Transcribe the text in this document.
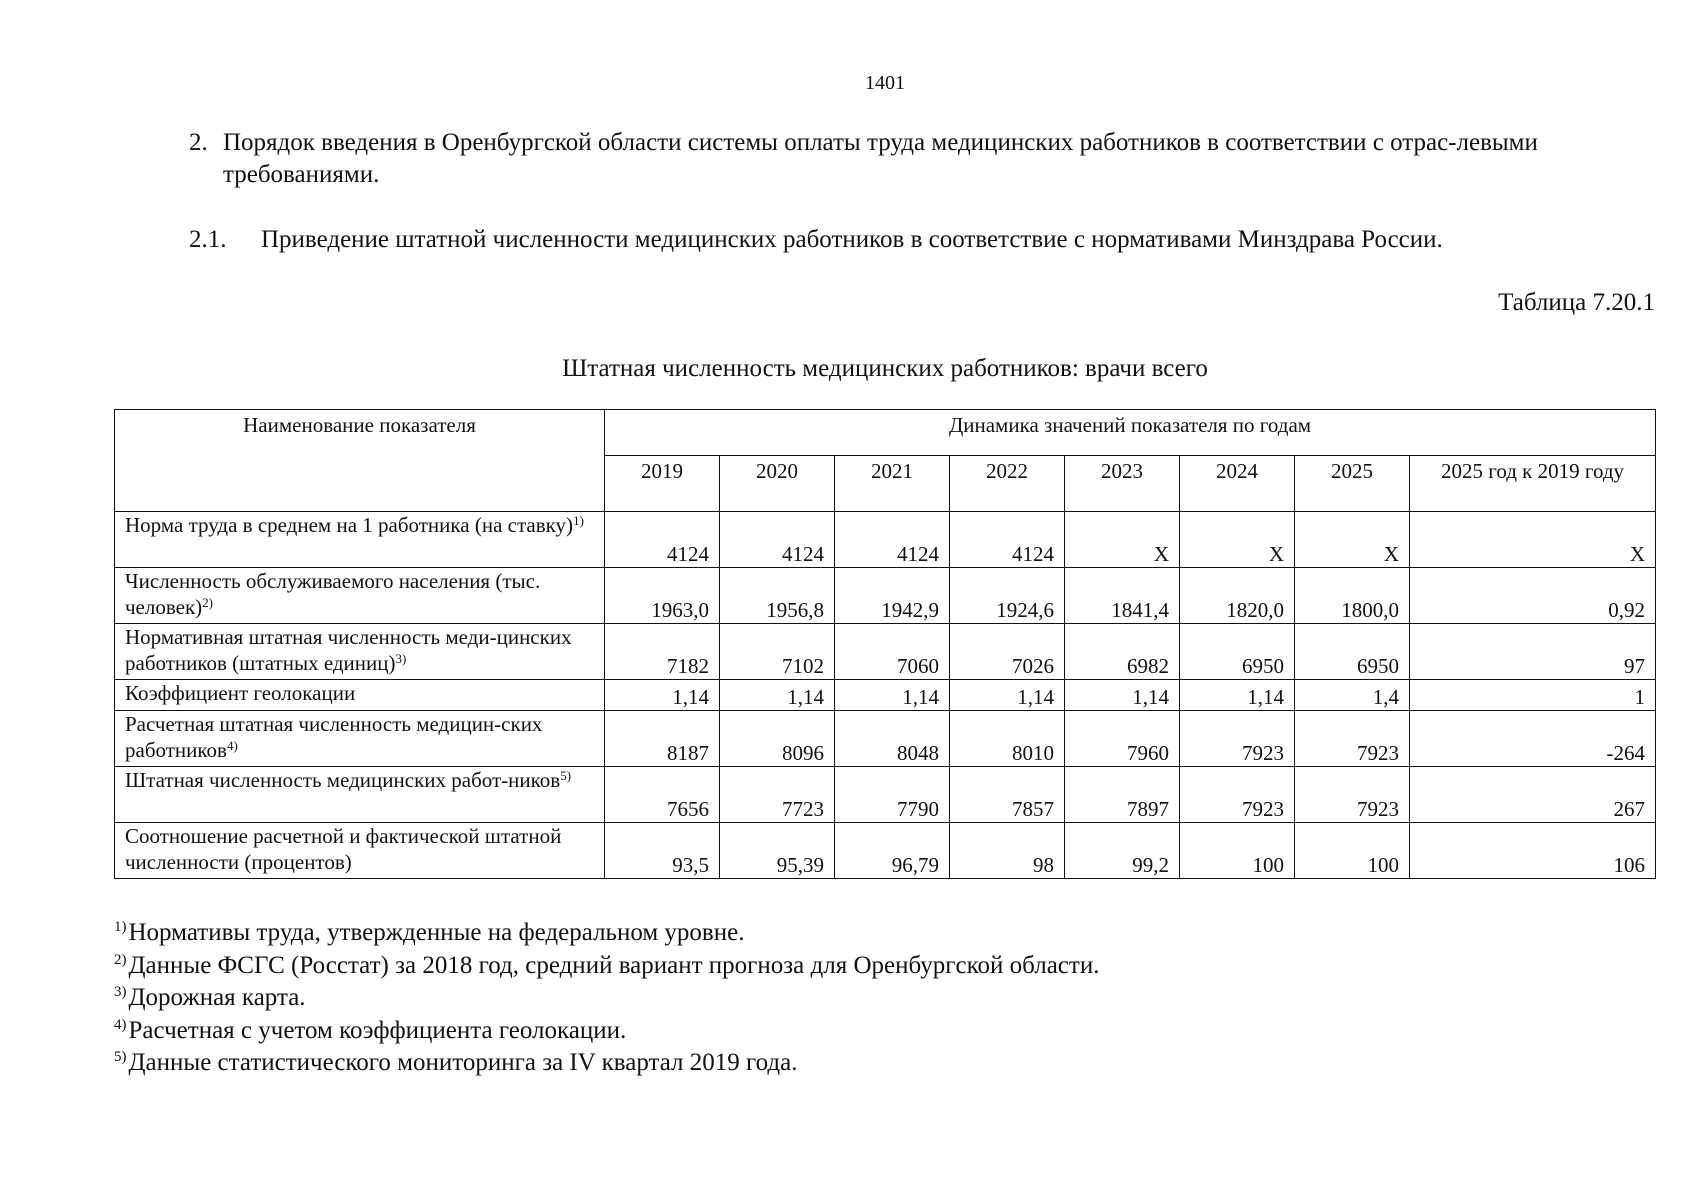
1401
2. Порядок введения в Оренбургской области системы оплаты труда медицинских работников в соответствии с отрас-левыми требованиями.
2.1. Приведение штатной численности медицинских работников в соответствие с нормативами Минздрава России.
Таблица 7.20.1
Штатная численность медицинских работников: врачи всего
Наименование показателя	Динамика значений показателя по годам							
	2019	2020	2021	2022	2023	2024	2025	2025 год к 2019 году
Норма труда в среднем на 1 работника (на ставку)$^{1)}$	4124	4124	4124	4124	X	X	X	X
Численность обслуживаемого населения (тыс. человек)$^{2)}$	1963,0	1956,8	1942,9	1924,6	1841,4	1820,0	1800,0	0,92
Нормативная штатная численность меди-цинских работников (штатных единиц)$^{3)}$	7182	7102	7060	7026	6982	6950	6950	97
Коэффициент геолокации	1,14	1,14	1,14	1,14	1,14	1,14	1,4	1
Расчетная штатная численность медицин-ских работников$^{4)}$	8187	8096	8048	8010	7960	7923	7923	-264
Штатная численность медицинских работ-ников$^{5)}$	7656	7723	7790	7857	7897	7923	7923	267
Соотношение расчетной и фактической штатной численности (процентов)	93,5	95,39	96,79	98	99,2	100	100	106
$^{1)}$Нормативы труда, утвержденные на федеральном уровне.
$^{2)}$Данные ФСГС (Росстат) за 2018 год, средний вариант прогноза для Оренбургской области.
$^{3)}$Дорожная карта.
$^{4)}$Расчетная с учетом коэффициента геолокации.
$^{5)}$Данные статистического мониторинга за IV квартал 2019 года.
